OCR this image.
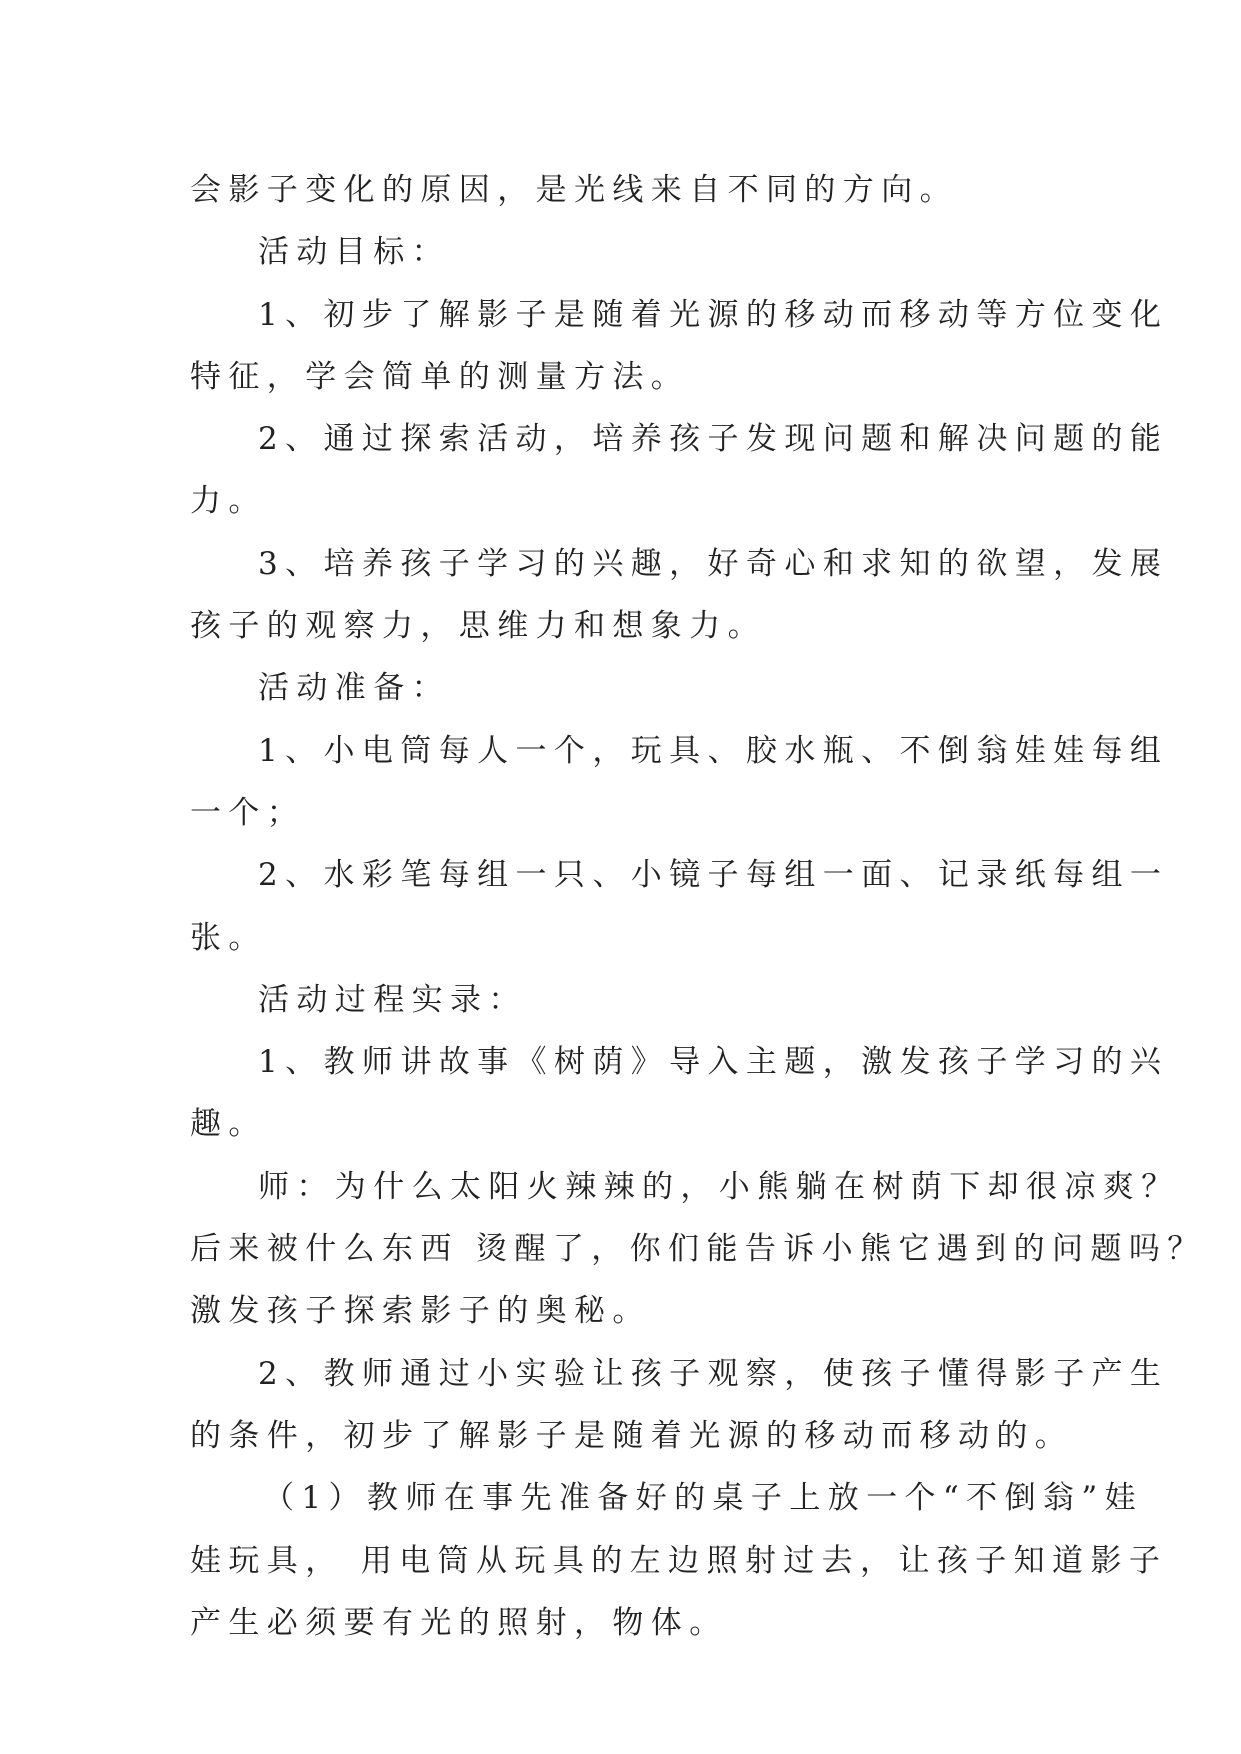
会影子变化的原因，是光线来自不同的方向。

活动目标：

1、初步了解影子是随着光源的移动而移动等方位变化
特征，学会简单的测量方法。

2、通过探索活动，培养孩子发现问题和解决问题的能
力。

3、培养孩子学习的兴趣，好奇心和求知的欲望，发展
孩子的观察力，思维力和想象力。

活动准备：

1、小电筒每人一个，玩具、胶水瓶、不倒翁娃娃每组
一个；

2、水彩笔每组一只、小镜子每组一面、记录纸每组一
张。

活动过程实录：

1、教师讲故事《树荫》导入主题，激发孩子学习的兴
趣。

师：为什么太阳火辣辣的，小熊躺在树荫下却很凉爽？
后来被什么东西 烫醒了，你们能告诉小熊它遇到的问题吗？
激发孩子探索影子的奥秘。

2、教师通过小实验让孩子观察，使孩子懂得影子产生
的条件，初步了解影子是随着光源的移动而移动的。

（1）教师在事先准备好的桌子上放一个“不倒翁”娃
娃玩具， 用电筒从玩具的左边照射过去，让孩子知道影子
产生必须要有光的照射，物体。
